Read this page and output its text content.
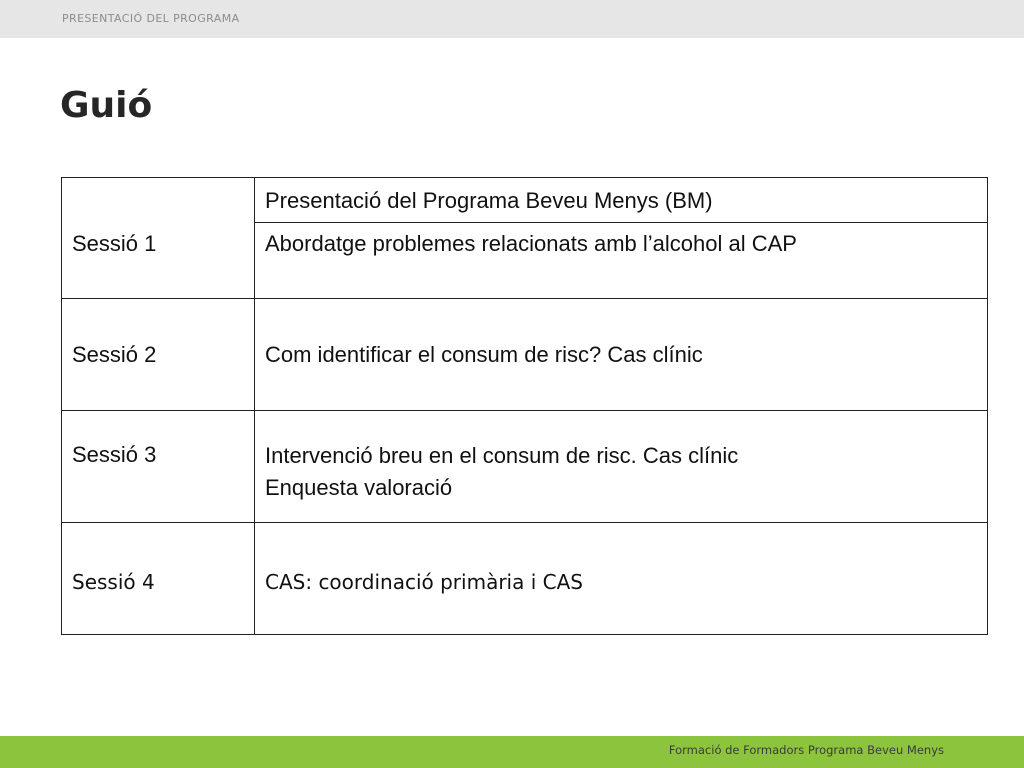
PRESENTACIÓ DEL PROGRAMA
Guió
Sessió 1	Presentació del Programa Beveu Menys (BM)
	Abordatge problemes relacionats amb l’alcohol al CAP
Sessió 2	Com identificar el consum de risc? Cas clínic
Sessió 3	Intervenció breu en el consum de risc. Cas clínic
Enquesta valoració

Sessió 4	CAS: coordinació primària i CAS
Formació de Formadors Programa Beveu Menys
